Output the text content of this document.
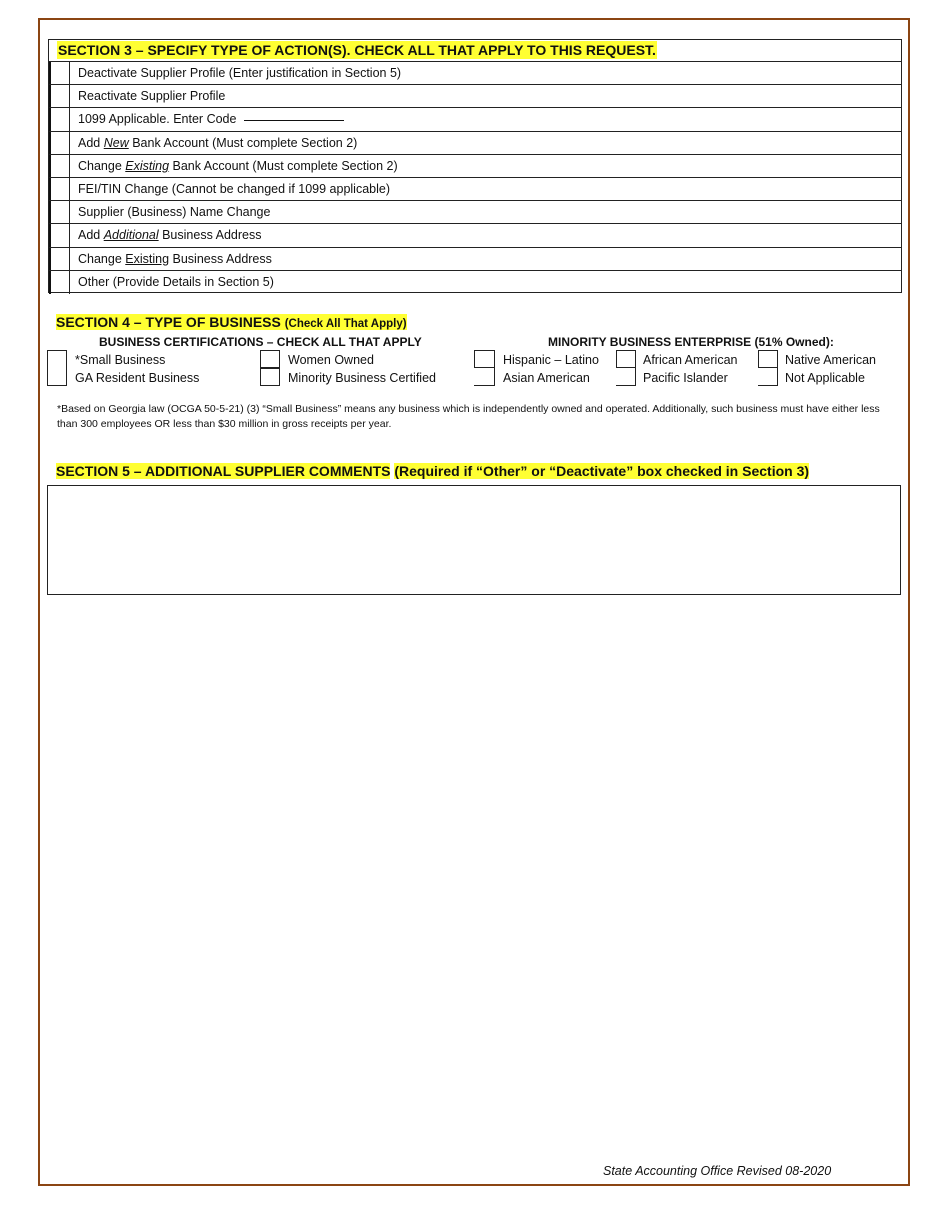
SECTION 3 – SPECIFY TYPE OF ACTION(S). CHECK ALL THAT APPLY TO THIS REQUEST.
Deactivate Supplier Profile (Enter justification in Section 5)
Reactivate Supplier Profile
1099 Applicable. Enter Code
Add New Bank Account (Must complete Section 2)
Change Existing Bank Account (Must complete Section 2)
FEI/TIN Change (Cannot be changed if 1099 applicable)
Supplier (Business) Name Change
Add Additional Business Address
Change Existing Business Address
Other (Provide Details in Section 5)
SECTION 4 – TYPE OF BUSINESS (Check All That Apply)
BUSINESS CERTIFICATIONS – CHECK ALL THAT APPLY	MINORITY BUSINESS ENTERPRISE (51% Owned):
*Small Business
GA Resident Business
Women Owned
Minority Business Certified
Hispanic – Latino
Asian American
African American
Pacific Islander
Native American
Not Applicable
*Based on Georgia law (OCGA 50-5-21) (3) “Small Business” means any business which is independently owned and operated. Additionally, such business must have either less than 300 employees OR less than $30 million in gross receipts per year.
SECTION 5 – ADDITIONAL SUPPLIER COMMENTS (Required if “Other” or “Deactivate” box checked in Section 3)
State Accounting Office Revised 08-2020
